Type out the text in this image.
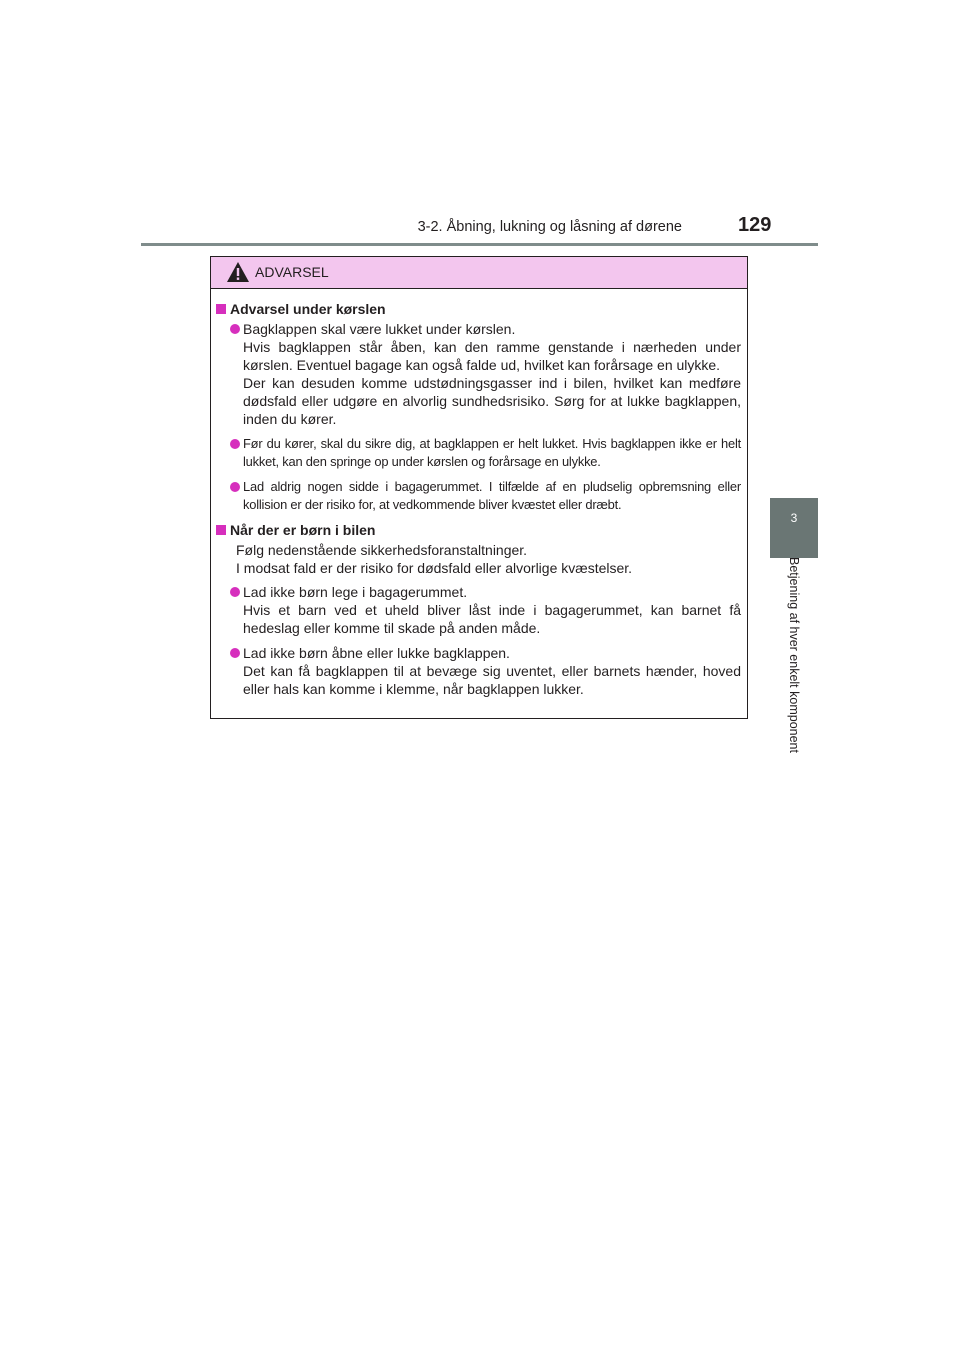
3-2. Åbning, lukning og låsning af dørene	129
3
Betjening af hver enkelt komponent
ADVARSEL
Advarsel under kørslen
Bagklappen skal være lukket under kørslen.
Hvis bagklappen står åben, kan den ramme genstande i nærheden under kørslen. Eventuel bagage kan også falde ud, hvilket kan forårsage en ulykke.
Der kan desuden komme udstødningsgasser ind i bilen, hvilket kan medføre dødsfald eller udgøre en alvorlig sundhedsrisiko. Sørg for at lukke bagklappen, inden du kører.
Før du kører, skal du sikre dig, at bagklappen er helt lukket. Hvis bagklappen ikke er helt lukket, kan den springe op under kørslen og forårsage en ulykke.
Lad aldrig nogen sidde i bagagerummet. I tilfælde af en pludselig opbremsning eller kollision er der risiko for, at vedkommende bliver kvæstet eller dræbt.
Når der er børn i bilen
Følg nedenstående sikkerhedsforanstaltninger.
I modsat fald er der risiko for dødsfald eller alvorlige kvæstelser.
Lad ikke børn lege i bagagerummet.
Hvis et barn ved et uheld bliver låst inde i bagagerummet, kan barnet få hedeslag eller komme til skade på anden måde.
Lad ikke børn åbne eller lukke bagklappen.
Det kan få bagklappen til at bevæge sig uventet, eller barnets hænder, hoved eller hals kan komme i klemme, når bagklappen lukker.
